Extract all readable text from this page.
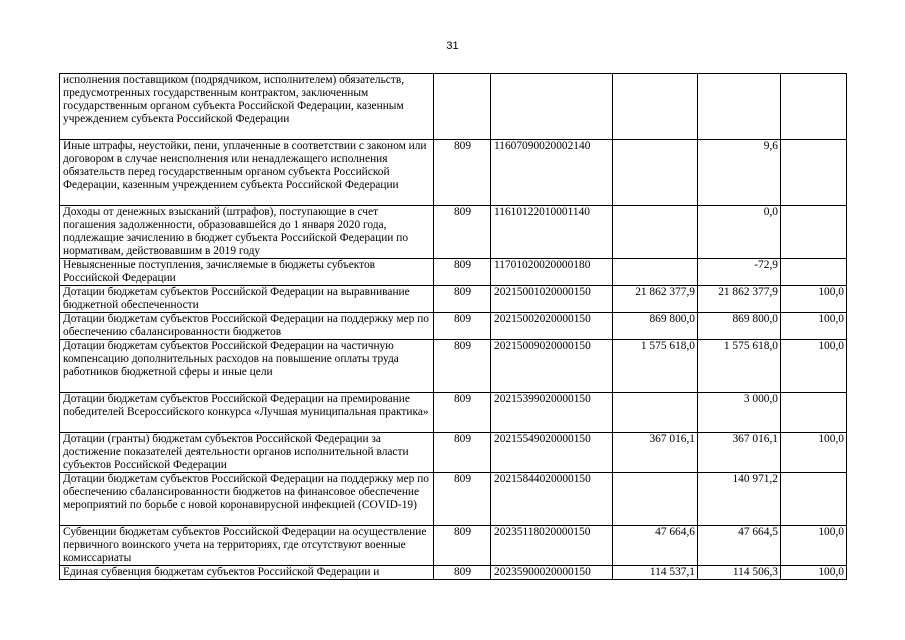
31
исполнения поставщиком (подрядчиком, исполнителем) обязательств, предусмотренных государственным контрактом, заключенным государственным органом субъекта Российской Федерации, казенным учреждением субъекта Российской Федерации					
Иные штрафы, неустойки, пени, уплаченные в соответствии с законом или договором в случае неисполнения или ненадлежащего исполнения обязательств перед государственным органом субъекта Российской Федерации, казенным учреждением субъекта Российской Федерации	809	11607090020002140		9,6	
Доходы от денежных взысканий (штрафов), поступающие в счет погашения задолженности, образовавшейся до 1 января 2020 года, подлежащие зачислению в бюджет субъекта Российской Федерации по нормативам, действовавшим в 2019 году	809	11610122010001140		0,0	
Невыясненные поступления, зачисляемые в бюджеты субъектов Российской Федерации	809	11701020020000180		-72,9	
Дотации бюджетам субъектов Российской Федерации на выравнивание бюджетной обеспеченности	809	20215001020000150	21 862 377,9	21 862 377,9	100,0
Дотации бюджетам субъектов Российской Федерации на поддержку мер по обеспечению сбалансированности бюджетов	809	20215002020000150	869 800,0	869 800,0	100,0
Дотации бюджетам субъектов Российской Федерации на частичную компенсацию дополнительных расходов на повышение оплаты труда работников бюджетной сферы и иные цели	809	20215009020000150	1 575 618,0	1 575 618,0	100,0
Дотации бюджетам субъектов Российской Федерации на премирование победителей Всероссийского конкурса «Лучшая муниципальная практика»	809	20215399020000150		3 000,0	
Дотации (гранты) бюджетам субъектов Российской Федерации за достижение показателей деятельности органов исполнительной власти субъектов Российской Федерации	809	20215549020000150	367 016,1	367 016,1	100,0
Дотации бюджетам субъектов Российской Федерации на поддержку мер по обеспечению сбалансированности бюджетов на финансовое обеспечение мероприятий по борьбе с новой коронавирусной инфекцией (COVID-19)	809	20215844020000150		140 971,2	
Субвенции бюджетам субъектов Российской Федерации на осуществление первичного воинского учета на территориях, где отсутствуют военные комиссариаты	809	20235118020000150	47 664,6	47 664,5	100,0
Единая субвенция бюджетам субъектов Российской Федерации и	809	20235900020000150	114 537,1	114 506,3	100,0
